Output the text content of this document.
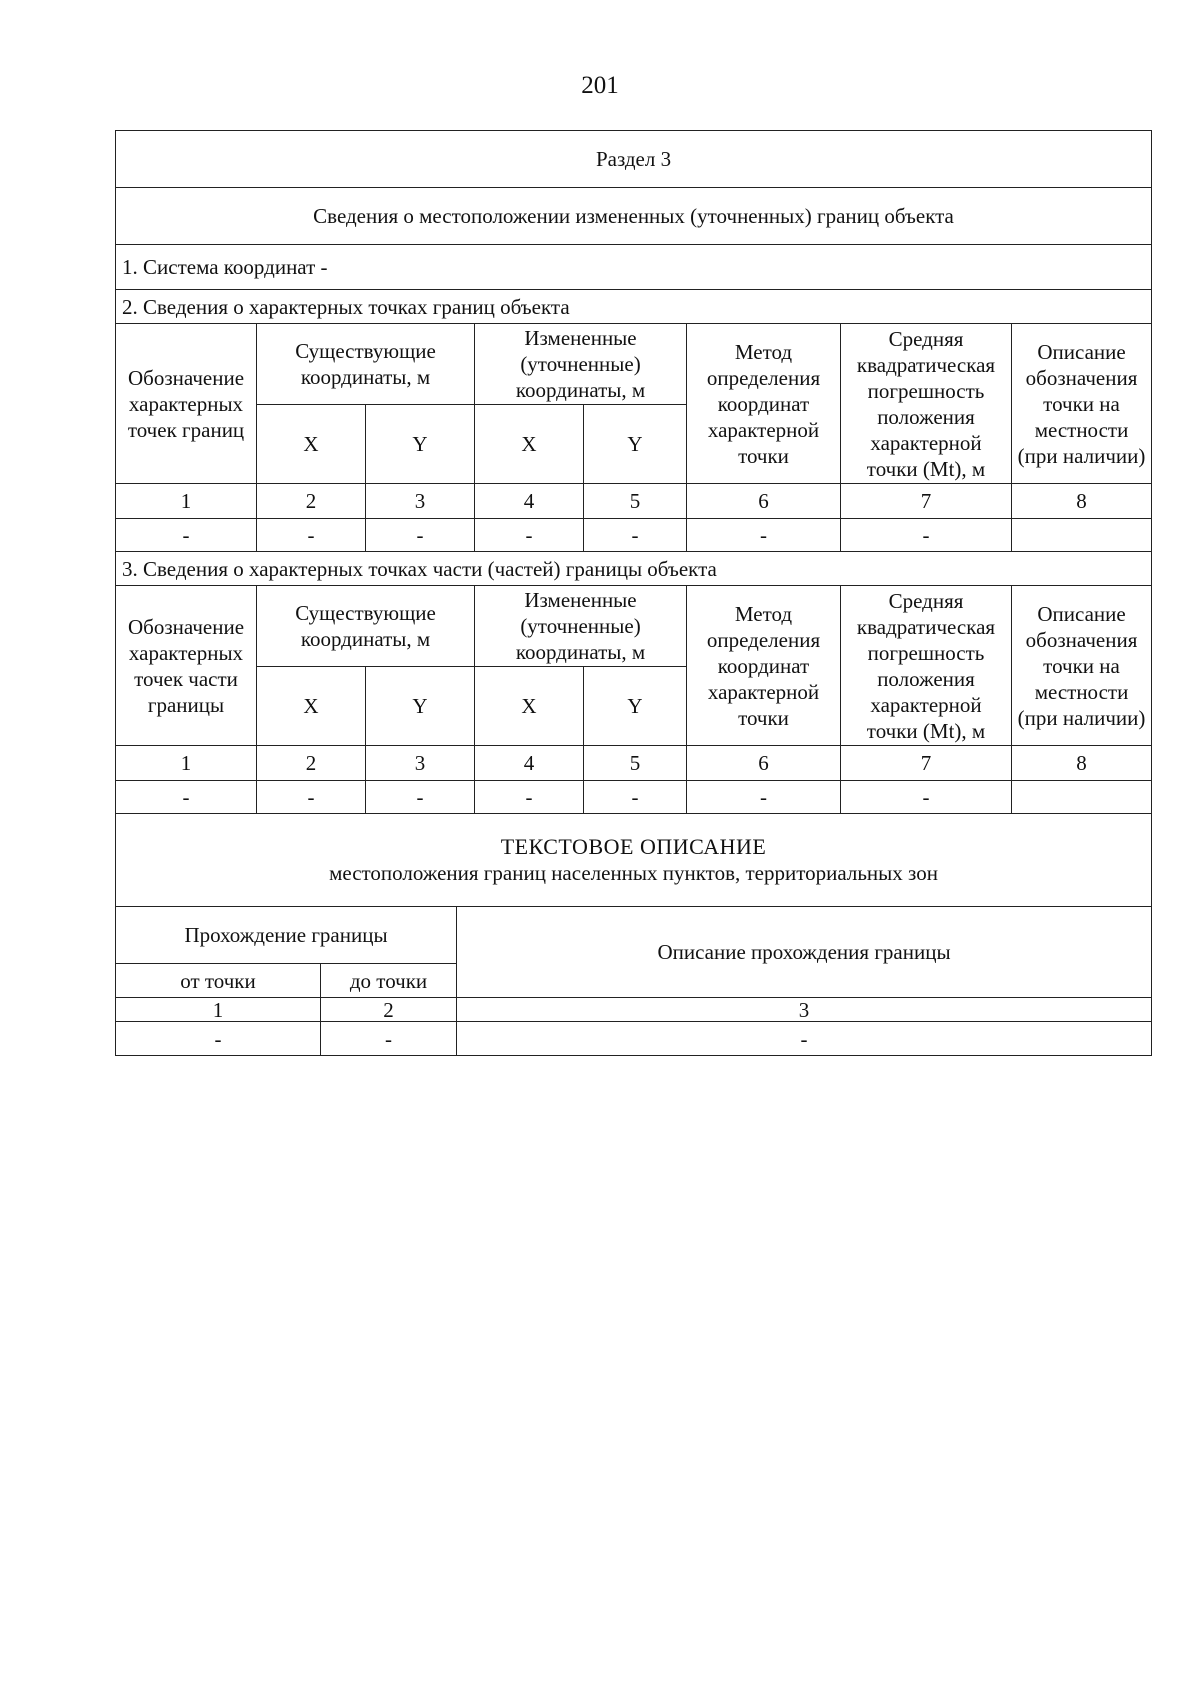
201
Раздел 3							
Сведения о местоположении измененных (уточненных) границ объекта							
1. Система координат -							
2. Сведения о характерных точках границ объекта							
Обозначение характерных точек границ	Существующие координаты, м		Измененные (уточненные) координаты, м		Метод определения координат характерной точки	Средняя квадратическая погрешность положения характерной точки (Mt), м	Описание обозначения точки на местности (при наличии)
	X	Y	X	Y			
1	2	3	4	5	6	7	8
-	-	-	-	-	-	-	
3. Сведения о характерных точках части (частей) границы объекта							
Обозначение характерных точек части границы	Существующие координаты, м		Измененные (уточненные) координаты, м		Метод определения координат характерной точки	Средняя квадратическая погрешность положения характерной точки (Mt), м	Описание обозначения точки на местности (при наличии)
	X	Y	X	Y			
1	2	3	4	5	6	7	8
-	-	-	-	-	-	-	

ТЕКСТОВОЕ ОПИСАНИЕ
местоположения границ населенных пунктов, территориальных зон							
Прохождение границы		Описание прохождения границы
от точки	до точки	
1	2	3
-	-	-
